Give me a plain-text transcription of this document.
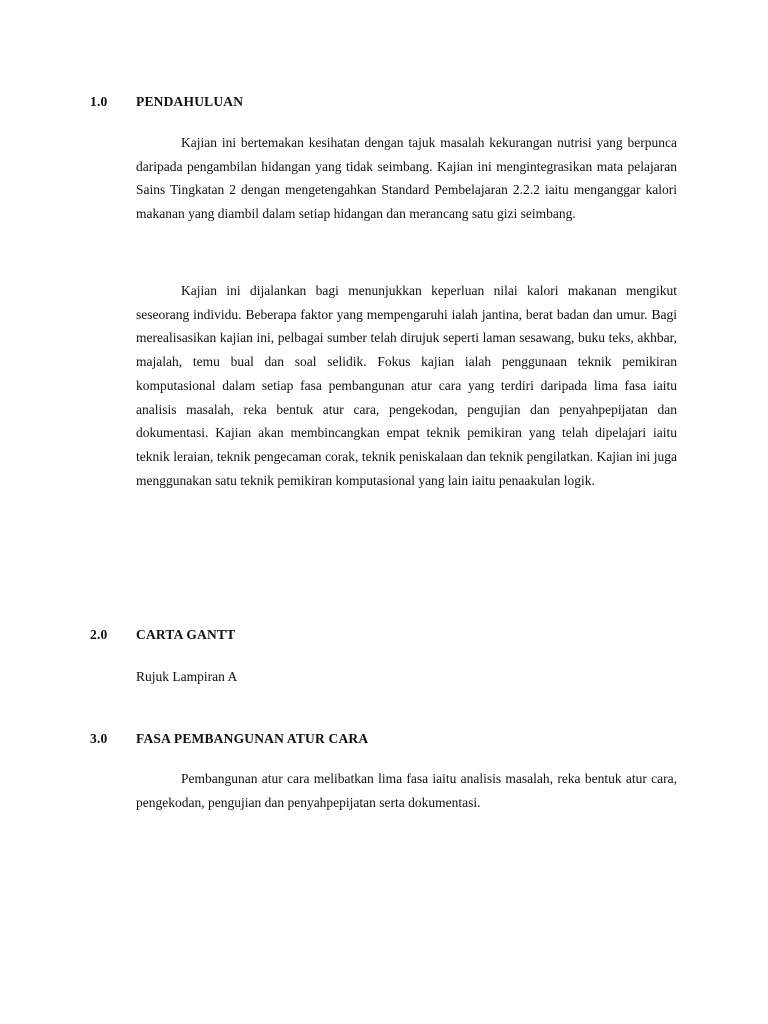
1.0 PENDAHULUAN

Kajian ini bertemakan kesihatan dengan tajuk masalah kekurangan nutrisi yang berpunca daripada pengambilan hidangan yang tidak seimbang. Kajian ini mengintegrasikan mata pelajaran Sains Tingkatan 2 dengan mengetengahkan Standard Pembelajaran 2.2.2 iaitu menganggar kalori makanan yang diambil dalam setiap hidangan dan merancang satu gizi seimbang.

Kajian ini dijalankan bagi menunjukkan keperluan nilai kalori makanan mengikut seseorang individu. Beberapa faktor yang mempengaruhi ialah jantina, berat badan dan umur. Bagi merealisasikan kajian ini, pelbagai sumber telah dirujuk seperti laman sesawang, buku teks, akhbar, majalah, temu bual dan soal selidik. Fokus kajian ialah penggunaan teknik pemikiran komputasional dalam setiap fasa pembangunan atur cara yang terdiri daripada lima fasa iaitu analisis masalah, reka bentuk atur cara, pengekodan, pengujian dan penyahpepijatan dan dokumentasi. Kajian akan membincangkan empat teknik pemikiran yang telah dipelajari iaitu teknik leraian, teknik pengecaman corak, teknik peniskalaan dan teknik pengilatkan. Kajian ini juga menggunakan satu teknik pemikiran komputasional yang lain iaitu penaakulan logik.

2.0 CARTA GANTT
Rujuk Lampiran A
3.0 FASA PEMBANGUNAN ATUR CARA

Pembangunan atur cara melibatkan lima fasa iaitu analisis masalah, reka bentuk atur cara, pengekodan, pengujian dan penyahpepijatan serta dokumentasi.
